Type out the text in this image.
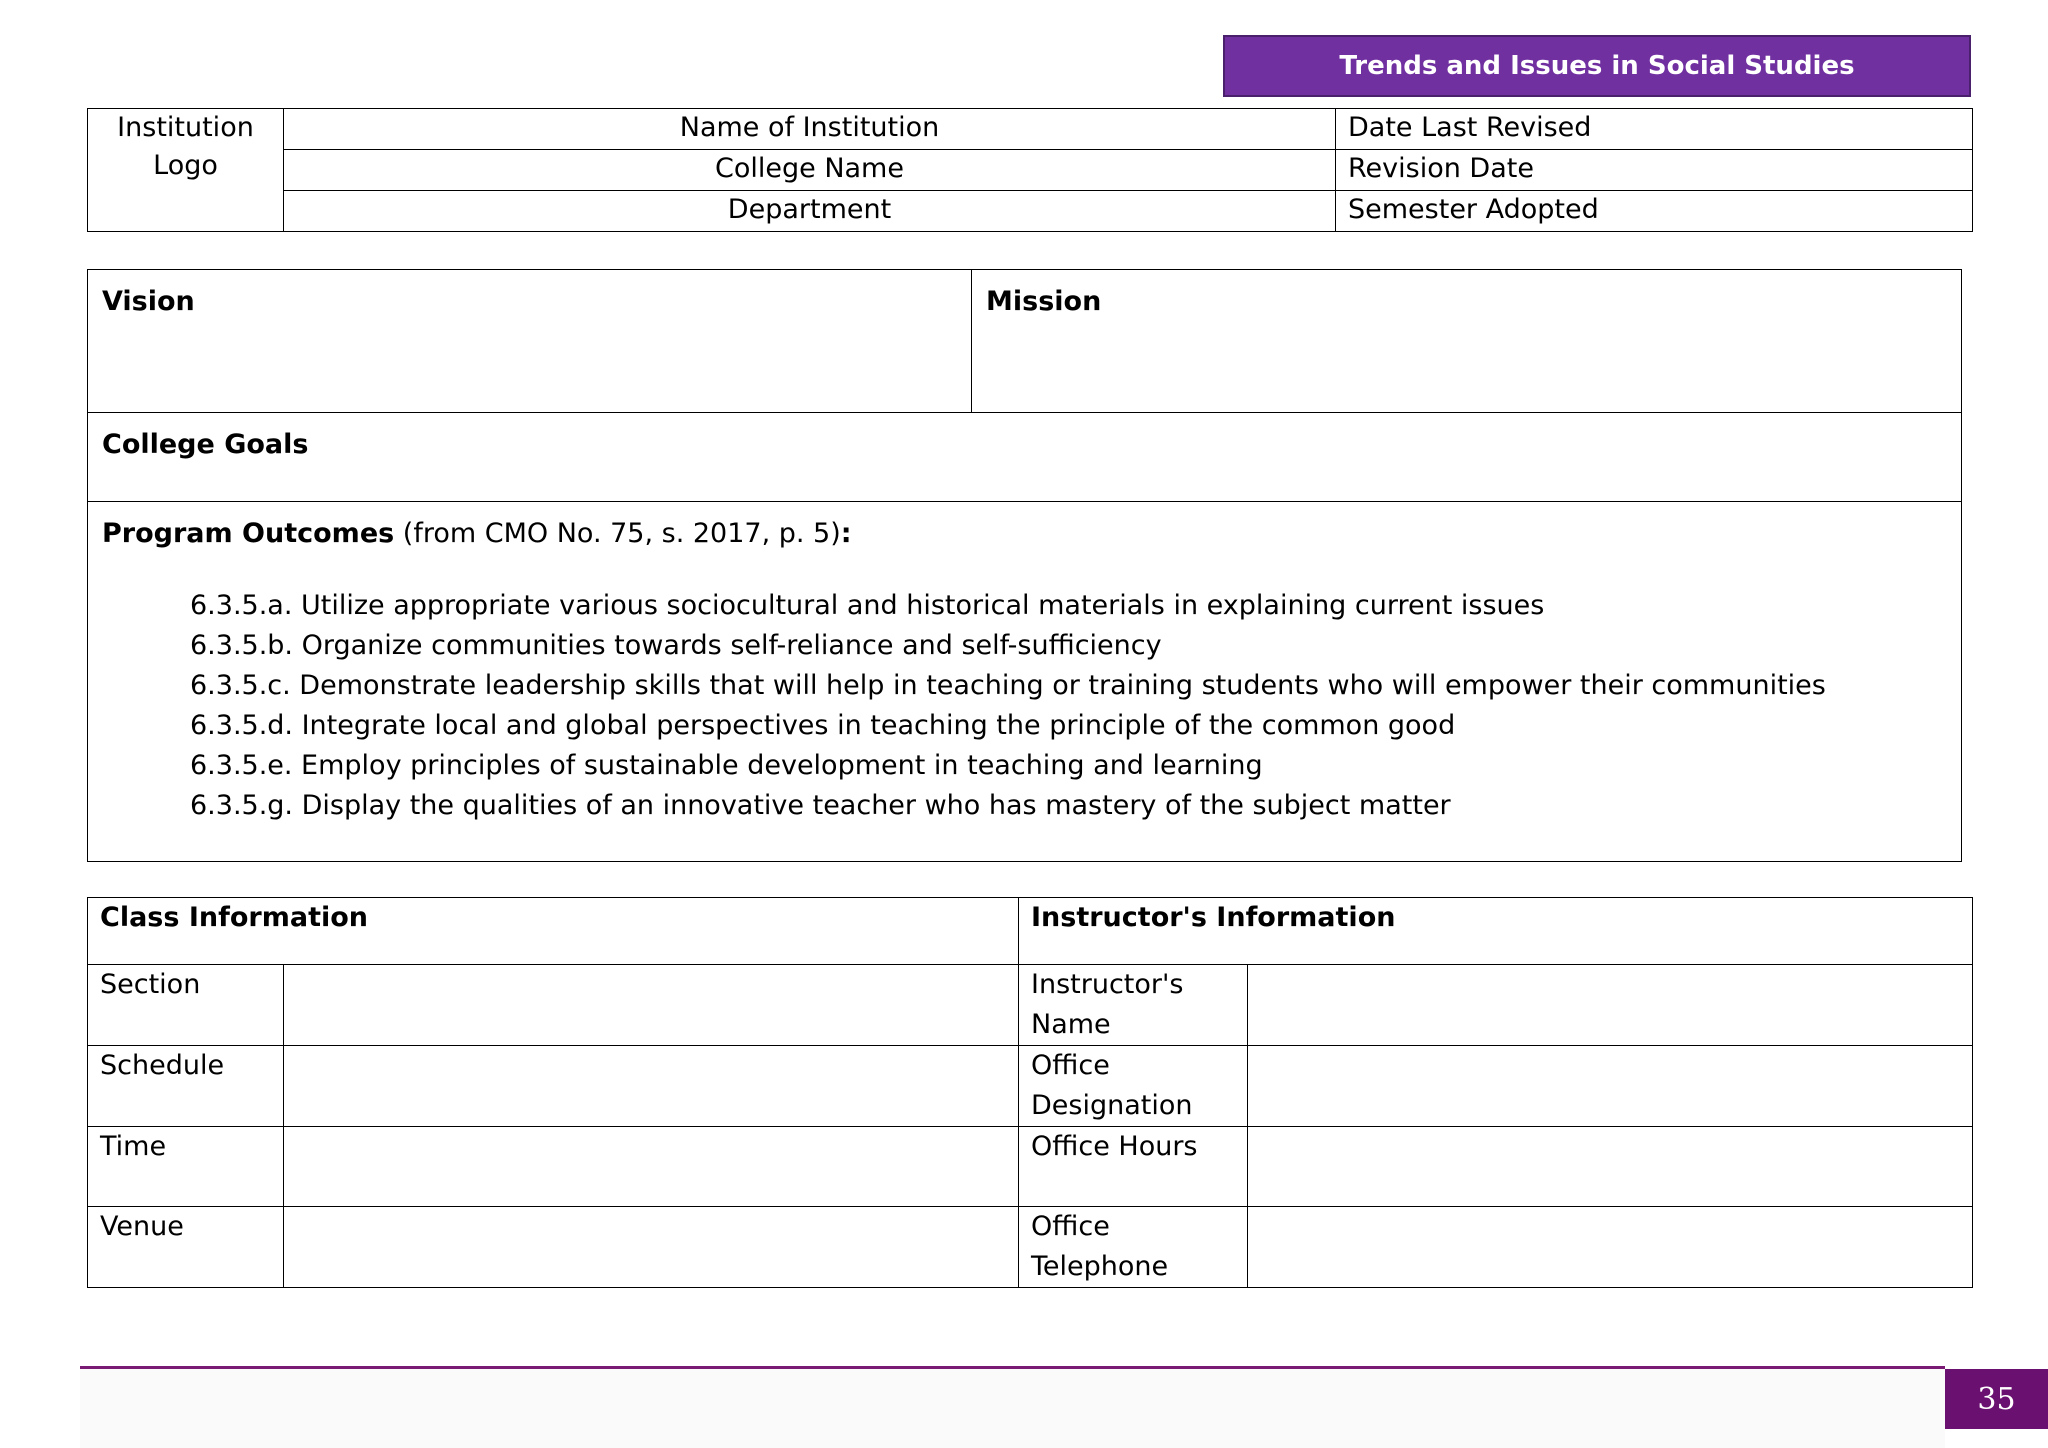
Trends and Issues in Social Studies
Institution
Logo	Name of Institution	Date Last Revised
	College Name	Revision Date
	Department	Semester Adopted
Vision	Mission
College Goals

Program Outcomes (from CMO No. 75, s. 2017, p. 5):
6.3.5.a. Utilize appropriate various sociocultural and historical materials in explaining current issues
6.3.5.b. Organize communities towards self-reliance and self-sufficiency
6.3.5.c. Demonstrate leadership skills that will help in teaching or training students who will empower their communities
6.3.5.d. Integrate local and global perspectives in teaching the principle of the common good
6.3.5.e. Employ principles of sustainable development in teaching and learning
6.3.5.g. Display the qualities of an innovative teacher who has mastery of the subject matter
Class Information		Instructor's Information	
Section		Instructor's
Name	

Schedule		Office
Designation	

Time		Office Hours	

Venue		Office
Telephone	

35
